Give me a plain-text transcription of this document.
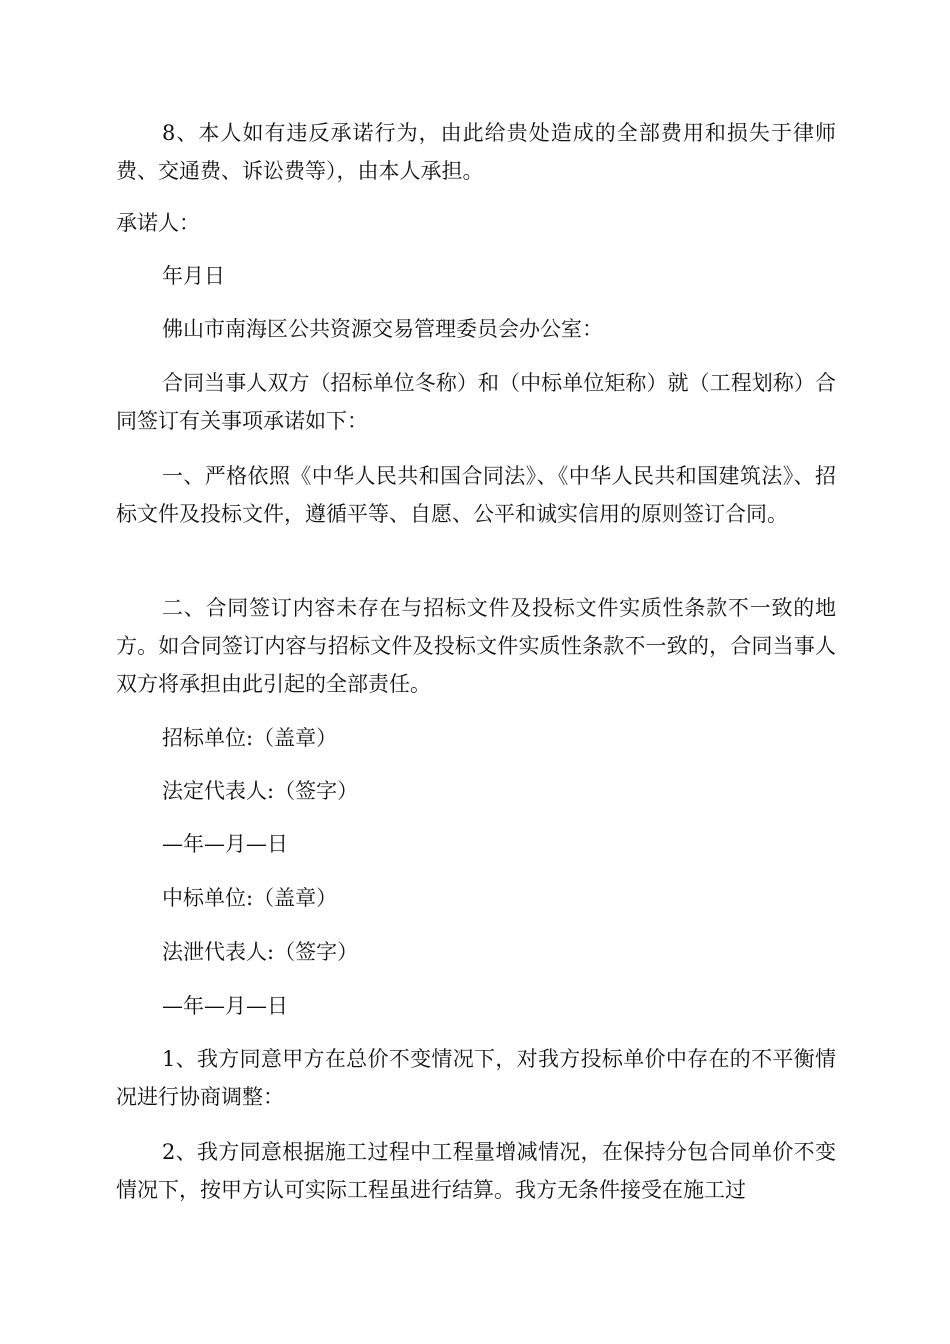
8、本人如有违反承诺行为，由此给贵处造成的全部费用和损失于律师费、交通费、诉讼费等），由本人承担。

承诺人：

年月日

佛山市南海区公共资源交易管理委员会办公室：

合同当事人双方（招标单位冬称）和（中标单位矩称）就（工程划称）合同签订有关事项承诺如下：

一、严格依照《中华人民共和国合同法》、《中华人民共和国建筑法》、招标文件及投标文件，遵循平等、自愿、公平和诚实信用的原则签订合同。

二、合同签订内容未存在与招标文件及投标文件实质性条款不一致的地方。如合同签订内容与招标文件及投标文件实质性条款不一致的，合同当事人双方将承担由此引起的全部责任。

招标单位:（盖章）

法定代表人:（签字）

—年—月—日

中标单位:（盖章）

法泄代表人:（签字）

—年—月—日

1、我方同意甲方在总价不变情况下，对我方投标单价中存在的不平衡情况进行协商调整：

2、我方同意根据施工过程中工程量增减情况，在保持分包合同单价不变情况下，按甲方认可实际工程虽进行结算。我方无条件接受在施工过
